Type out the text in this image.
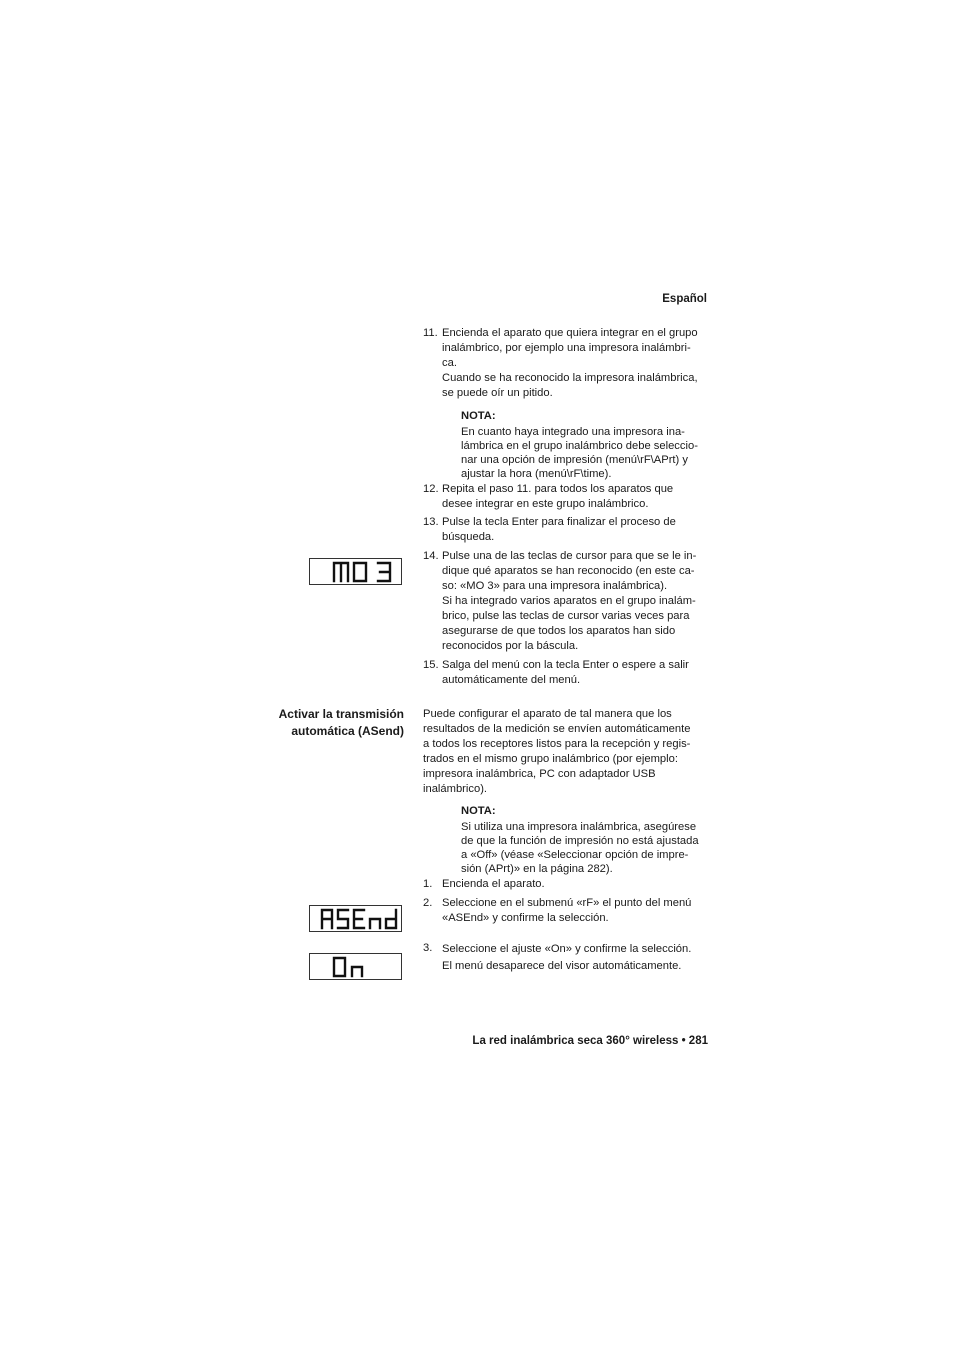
Español
11. Encienda el aparato que quiera integrar en el grupo
inalámbrico, por ejemplo una impresora inalámbri-
ca.
Cuando se ha reconocido la impresora inalámbrica,
se puede oír un pitido.
NOTA:
En cuanto haya integrado una impresora ina-
lámbrica en el grupo inalámbrico debe seleccio-
nar una opción de impresión (menú\rF\APrt) y
ajustar la hora (menú\rF\time).
12. Repita el paso 11. para todos los aparatos que
desee integrar en este grupo inalámbrico.
13. Pulse la tecla Enter para finalizar el proceso de
búsqueda.
14. Pulse una de las teclas de cursor para que se le in-
dique qué aparatos se han reconocido (en este ca-
so: «MO 3» para una impresora inalámbrica).
Si ha integrado varios aparatos en el grupo inalám-
brico, pulse las teclas de cursor varias veces para
asegurarse de que todos los aparatos han sido
reconocidos por la báscula.
15. Salga del menú con la tecla Enter o espere a salir
automáticamente del menú.
Activar la transmisión
automática (ASend)
Puede configurar el aparato de tal manera que los
resultados de la medición se envíen automáticamente
a todos los receptores listos para la recepción y regis-
trados en el mismo grupo inalámbrico (por ejemplo:
impresora inalámbrica, PC con adaptador USB
inalámbrico).
NOTA:
Si utiliza una impresora inalámbrica, asegúrese
de que la función de impresión no está ajustada
a «Off» (véase «Seleccionar opción de impre-
sión (APrt)» en la página 282).
1. Encienda el aparato.
2. Seleccione en el submenú «rF» el punto del menú
«ASEnd» y confirme la selección.
3. Seleccione el ajuste «On» y confirme la selección.
El menú desaparece del visor automáticamente.
La red inalámbrica seca 360° wireless • 281
